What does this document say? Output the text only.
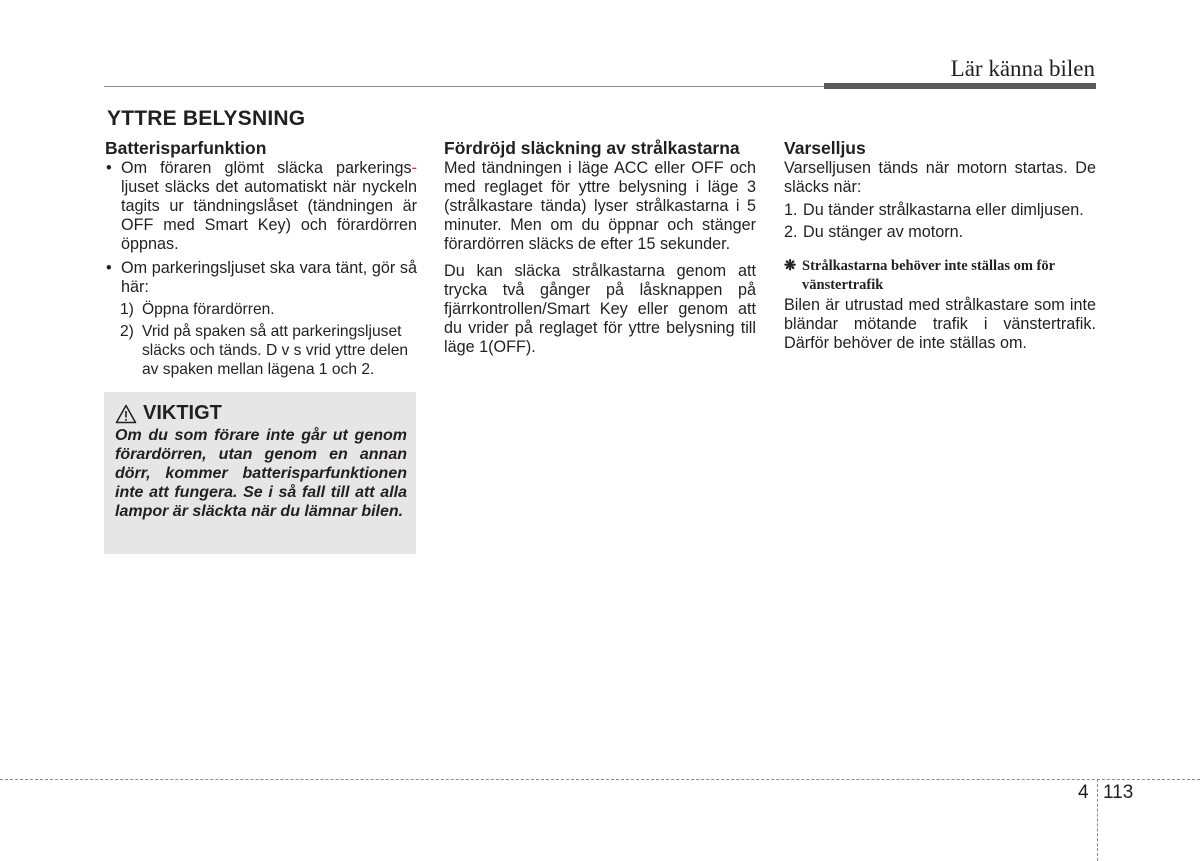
Lär känna bilen
YTTRE BELYSNING
Batterisparfunktion
• Om föraren glömt släcka parkerings- ljuset släcks det automatiskt när nyckeln tagits ur tändningslåset (tändningen är OFF med Smart Key) och förardörren öppnas.
• Om parkeringsljuset ska vara tänt, gör så här:
1) Öppna förardörren.
2) Vrid på spaken så att parkeringsljuset släcks och tänds. D v s vrid yttre delen av spaken mellan lägena 1 och 2.
VIKTIGT
Om du som förare inte går ut genom förardörren, utan genom en annan dörr, kommer batterisparfunktionen inte att fungera. Se i så fall till att alla lampor är släckta när du lämnar bilen.
Fördröjd släckning av strålkastarna

Med tändningen i läge ACC eller OFF och med reglaget för yttre belysning i läge 3 (strålkastare tända) lyser strålkastarna i 5 minuter. Men om du öppnar och stänger förardörren släcks de efter 15 sekunder.

Du kan släcka strålkastarna genom att trycka två gånger på låsknappen på fjärrkontrollen/Smart Key eller genom att du vrider på reglaget för yttre belysning till läge 1(OFF).

Varselljus

Varselljusen tänds när motorn startas. De släcks när:

1. Du tänder strålkastarna eller dimljusen.
2. Du stänger av motorn.
❋ Strålkastarna behöver inte ställas om för vänstertrafik

Bilen är utrustad med strålkastare som inte bländar mötande trafik i vänstertrafik. Därför behöver de inte ställas om.

4 113
